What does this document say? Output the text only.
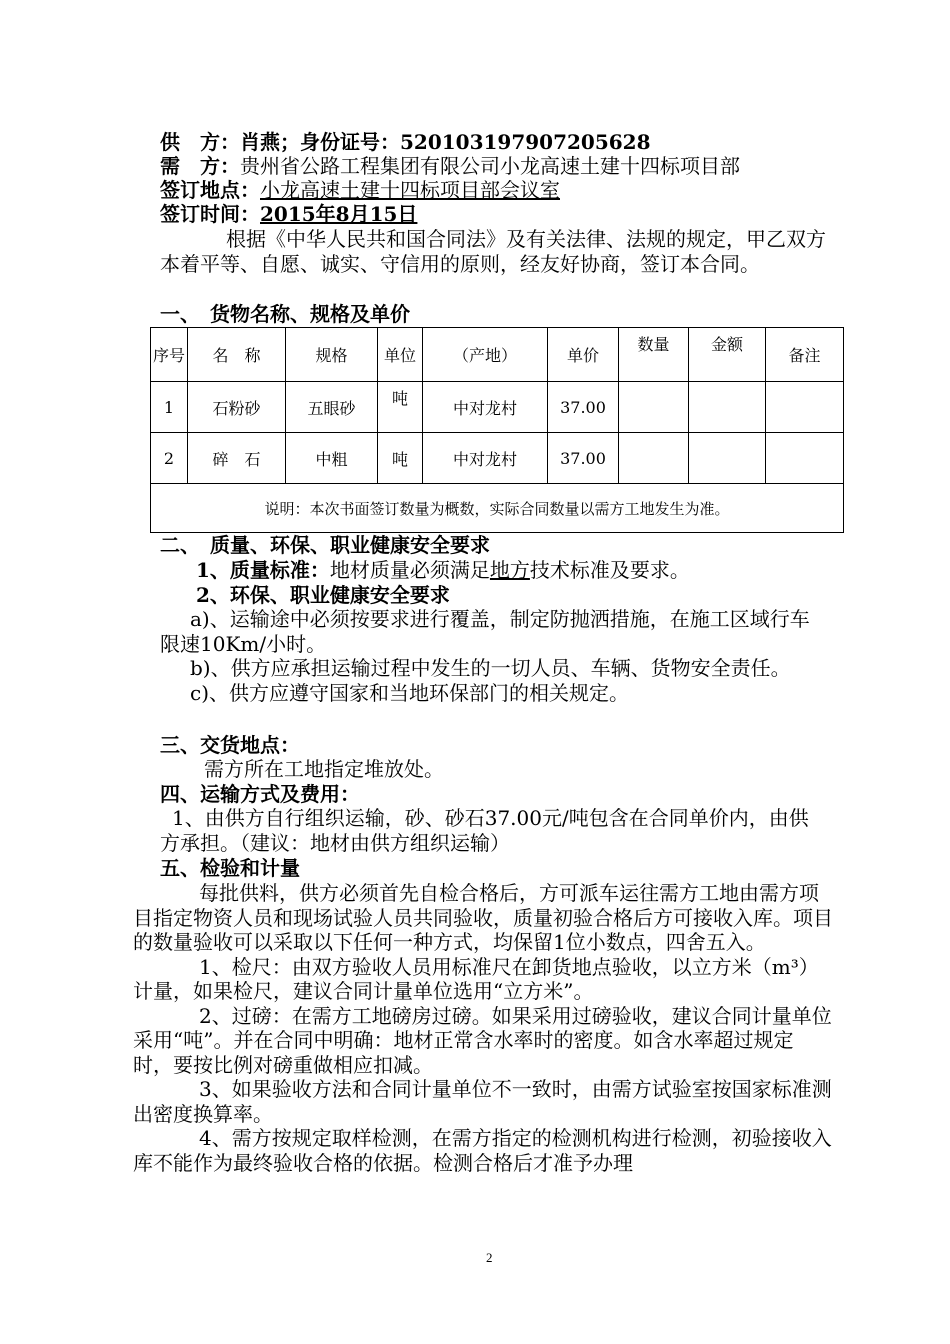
供　方：肖燕；身份证号：520103197907205628
需　方：贵州省公路工程集团有限公司小龙高速土建十四标项目部
签订地点：小龙高速土建十四标项目部会议室
签订时间：2015年8月15日

根据《中华人民共和国合同法》及有关法律、法规的规定，甲乙双方本着平等、自愿、诚实、守信用的原则，经友好协商，签订本合同。

一、　货物名称、规格及单价
序号	名　称	规格	单位	（产地）	单价	数量	金额	备注
1	石粉砂	五眼砂	吨	中对龙村	37.00			
2	碎　石	中粗	吨	中对龙村	37.00			
说明：本次书面签订数量为概数，实际合同数量以需方工地发生为准。								
二、　质量、环保、职业健康安全要求
1、质量标准：地材质量必须满足地方技术标准及要求。
2、环保、职业健康安全要求

a)、运输途中必须按要求进行覆盖，制定防抛洒措施，在施工区域行车限速10Km/小时。

b)、供方应承担运输过程中发生的一切人员、车辆、货物安全责任。

c)、供方应遵守国家和当地环保部门的相关规定。

三、交货地点：
需方所在工地指定堆放处。
四、运输方式及费用：

1、由供方自行组织运输，砂、砂石37.00元/吨包含在合同单价内，由供方承担。（建议：地材由供方组织运输）

五、检验和计量

每批供料，供方必须首先自检合格后，方可派车运往需方工地由需方项目指定物资人员和现场试验人员共同验收，质量初验合格后方可接收入库。项目的数量验收可以采取以下任何一种方式，均保留1位小数点，四舍五入。

1、检尺：由双方验收人员用标准尺在卸货地点验收，以立方米（m³）计量，如果检尺，建议合同计量单位选用“立方米”。

2、过磅：在需方工地磅房过磅。如果采用过磅验收，建议合同计量单位采用“吨”。并在合同中明确：地材正常含水率时的密度。如含水率超过规定时，要按比例对磅重做相应扣减。

3、如果验收方法和合同计量单位不一致时，由需方试验室按国家标准测出密度换算率。

4、需方按规定取样检测，在需方指定的检测机构进行检测，初验接收入库不能作为最终验收合格的依据。检测合格后才准予办理

2
